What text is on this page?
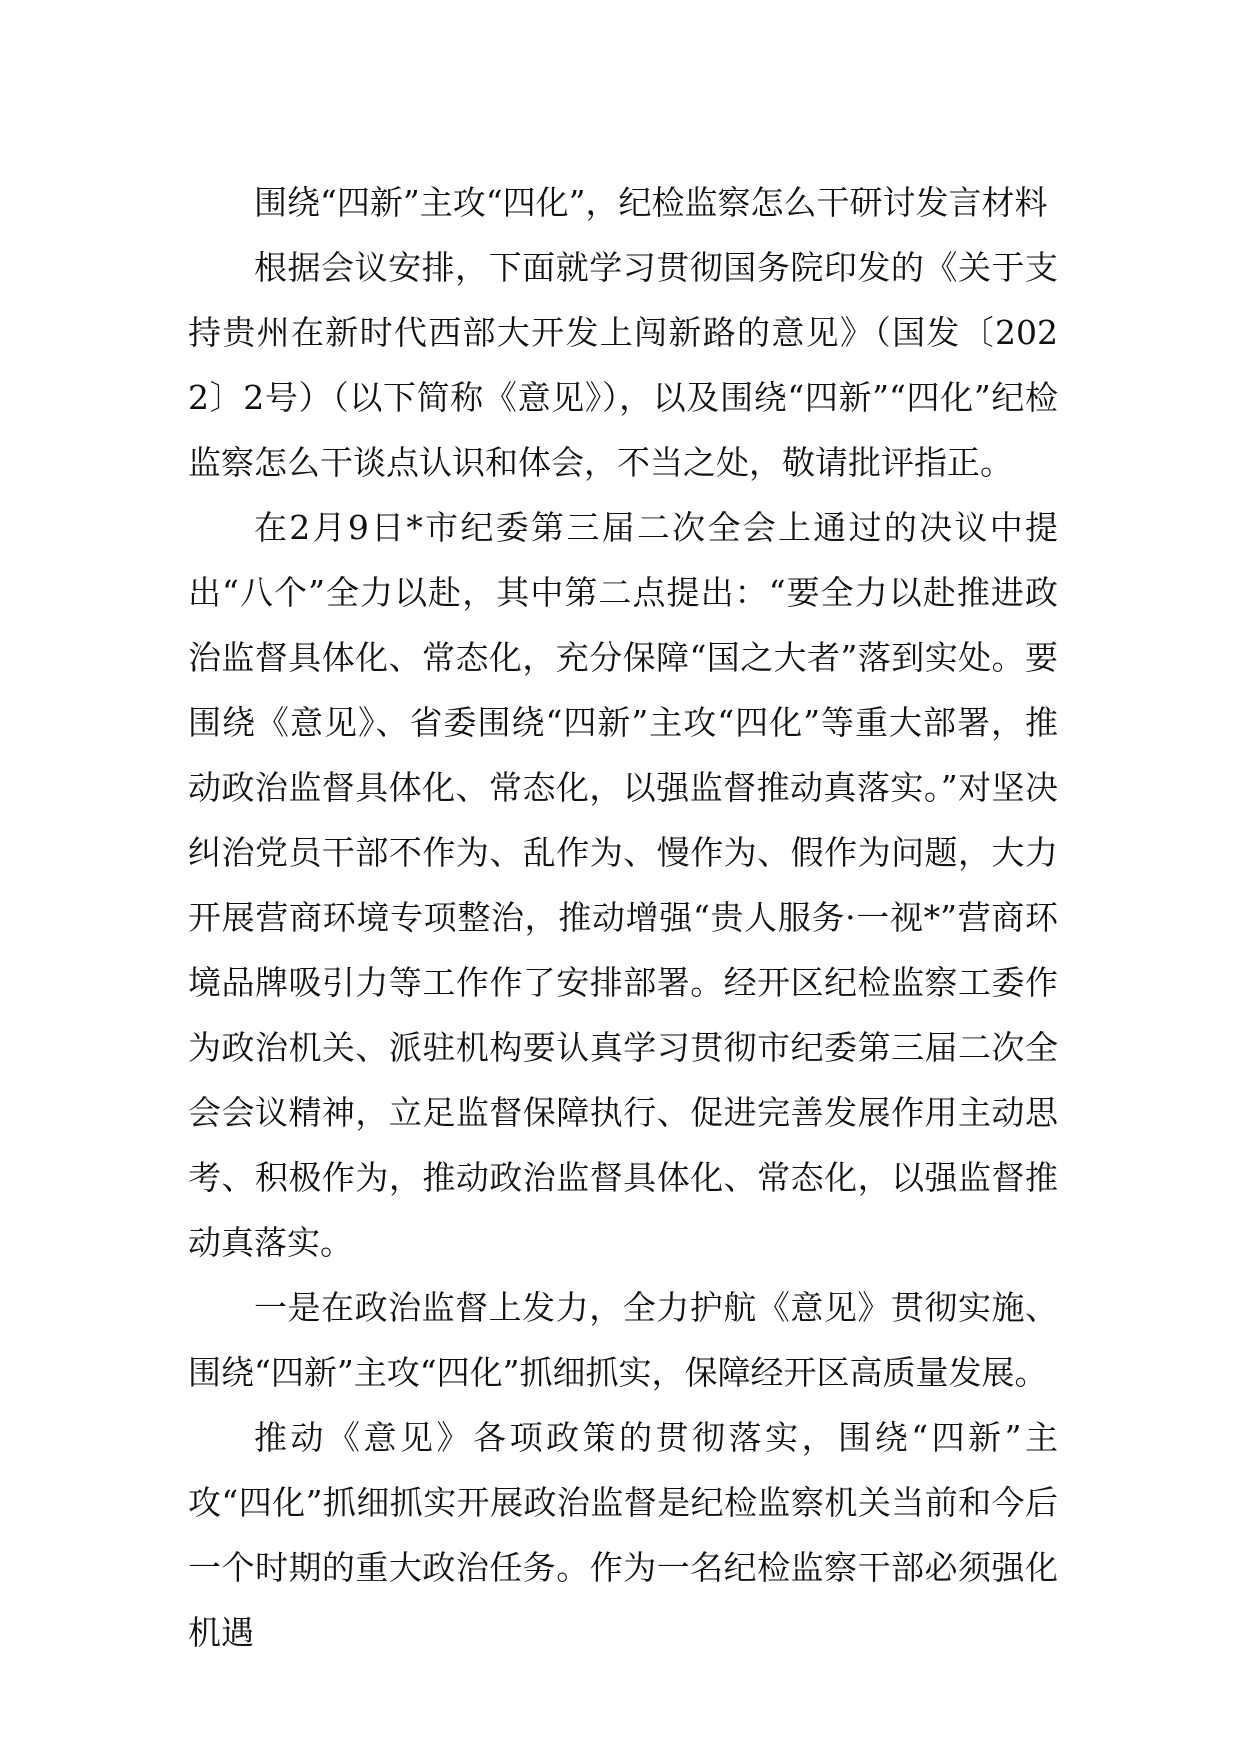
围绕“四新”主攻“四化”，纪检监察怎么干研讨发言材料

根据会议安排，下面就学习贯彻国务院印发的《关于支持贵州在新时代西部大开发上闯新路的意见》（国发〔2022〕2号）（以下简称《意见》），以及围绕“四新”“四化”纪检监察怎么干谈点认识和体会，不当之处，敬请批评指正。

在2月9日*市纪委第三届二次全会上通过的决议中提出“八个”全力以赴，其中第二点提出：“要全力以赴推进政治监督具体化、常态化，充分保障“国之大者”落到实处。要围绕《意见》、省委围绕“四新”主攻“四化”等重大部署，推动政治监督具体化、常态化，以强监督推动真落实。”对坚决纠治党员干部不作为、乱作为、慢作为、假作为问题，大力开展营商环境专项整治，推动增强“贵人服务·一视*”营商环境品牌吸引力等工作作了安排部署。经开区纪检监察工委作为政治机关、派驻机构要认真学习贯彻市纪委第三届二次全会会议精神，立足监督保障执行、促进完善发展作用主动思考、积极作为，推动政治监督具体化、常态化，以强监督推动真落实。

一是在政治监督上发力，全力护航《意见》贯彻实施、围绕“四新”主攻“四化”抓细抓实，保障经开区高质量发展。

推动《意见》各项政策的贯彻落实，围绕“四新”主攻“四化”抓细抓实开展政治监督是纪检监察机关当前和今后一个时期的重大政治任务。作为一名纪检监察干部必须强化机遇
